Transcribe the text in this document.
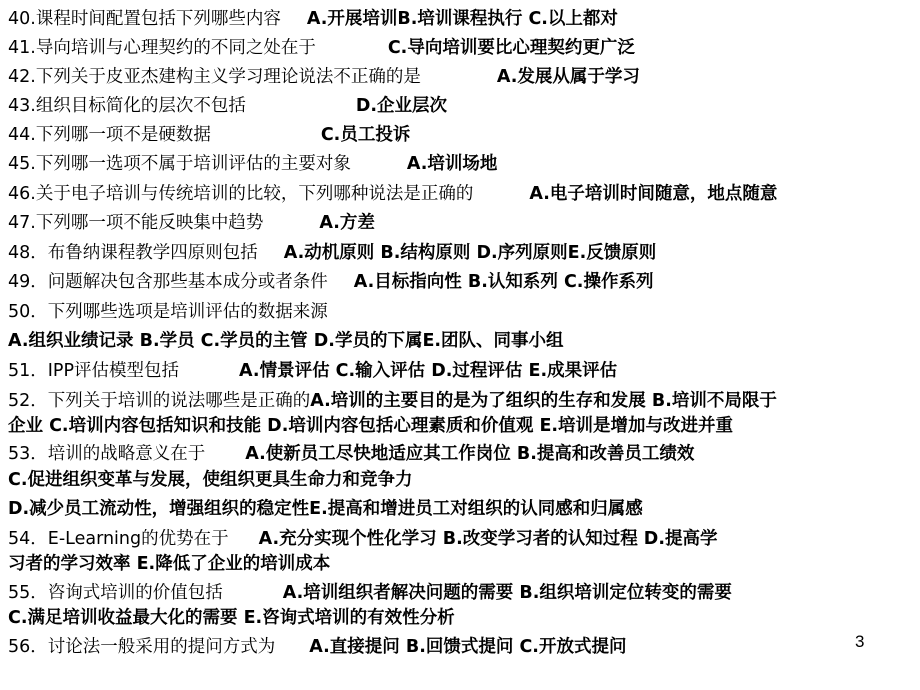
40.课程时间配置包括下列哪些内容 A.开展培训B.培训课程执行 C.以上都对
41.导向培训与心理契约的不同之处在于	C.导向培训要比心理契约更广泛
42.下列关于皮亚杰建构主义学习理论说法不正确的是	A.发展从属于学习
43.组织目标简化的层次不包括	D.企业层次
44.下列哪一项不是硬数据	C.员工投诉
45.下列哪一选项不属于培训评估的主要对象	A.培训场地
46.关于电子培训与传统培训的比较，下列哪种说法是正确的	A.电子培训时间随意，地点随意
47.下列哪一项不能反映集中趋势	A.方差
48．布鲁纳课程教学四原则包括 A.动机原则 B.结构原则 D.序列原则E.反馈原则
49．问题解决包含那些基本成分或者条件 A.目标指向性 B.认知系列 C.操作系列
50．下列哪些选项是培训评估的数据来源
A.组织业绩记录 B.学员 C.学员的主管 D.学员的下属E.团队、同事小组
51．IPP评估模型包括	A.情景评估 C.输入评估 D.过程评估 E.成果评估
52．下列关于培训的说法哪些是正确的A.培训的主要目的是为了组织的生存和发展 B.培训不局限于
企业 C.培训内容包括知识和技能 D.培训内容包括心理素质和价值观 E.培训是增加与改进并重
53．培训的战略意义在于 A.使新员工尽快地适应其工作岗位 B.提高和改善员工绩效
C.促进组织变革与发展，使组织更具生命力和竞争力
D.减少员工流动性，增强组织的稳定性E.提高和增进员工对组织的认同感和归属感
54．E-Learning的优势在于 A.充分实现个性化学习 B.改变学习者的认知过程 D.提高学
习者的学习效率 E.降低了企业的培训成本
55．咨询式培训的价值包括	A.培训组织者解决问题的需要 B.组织培训定位转变的需要
C.满足培训收益最大化的需要 E.咨询式培训的有效性分析
56．讨论法一般采用的提问方式为 A.直接提问 B.回馈式提问 C.开放式提问	3
